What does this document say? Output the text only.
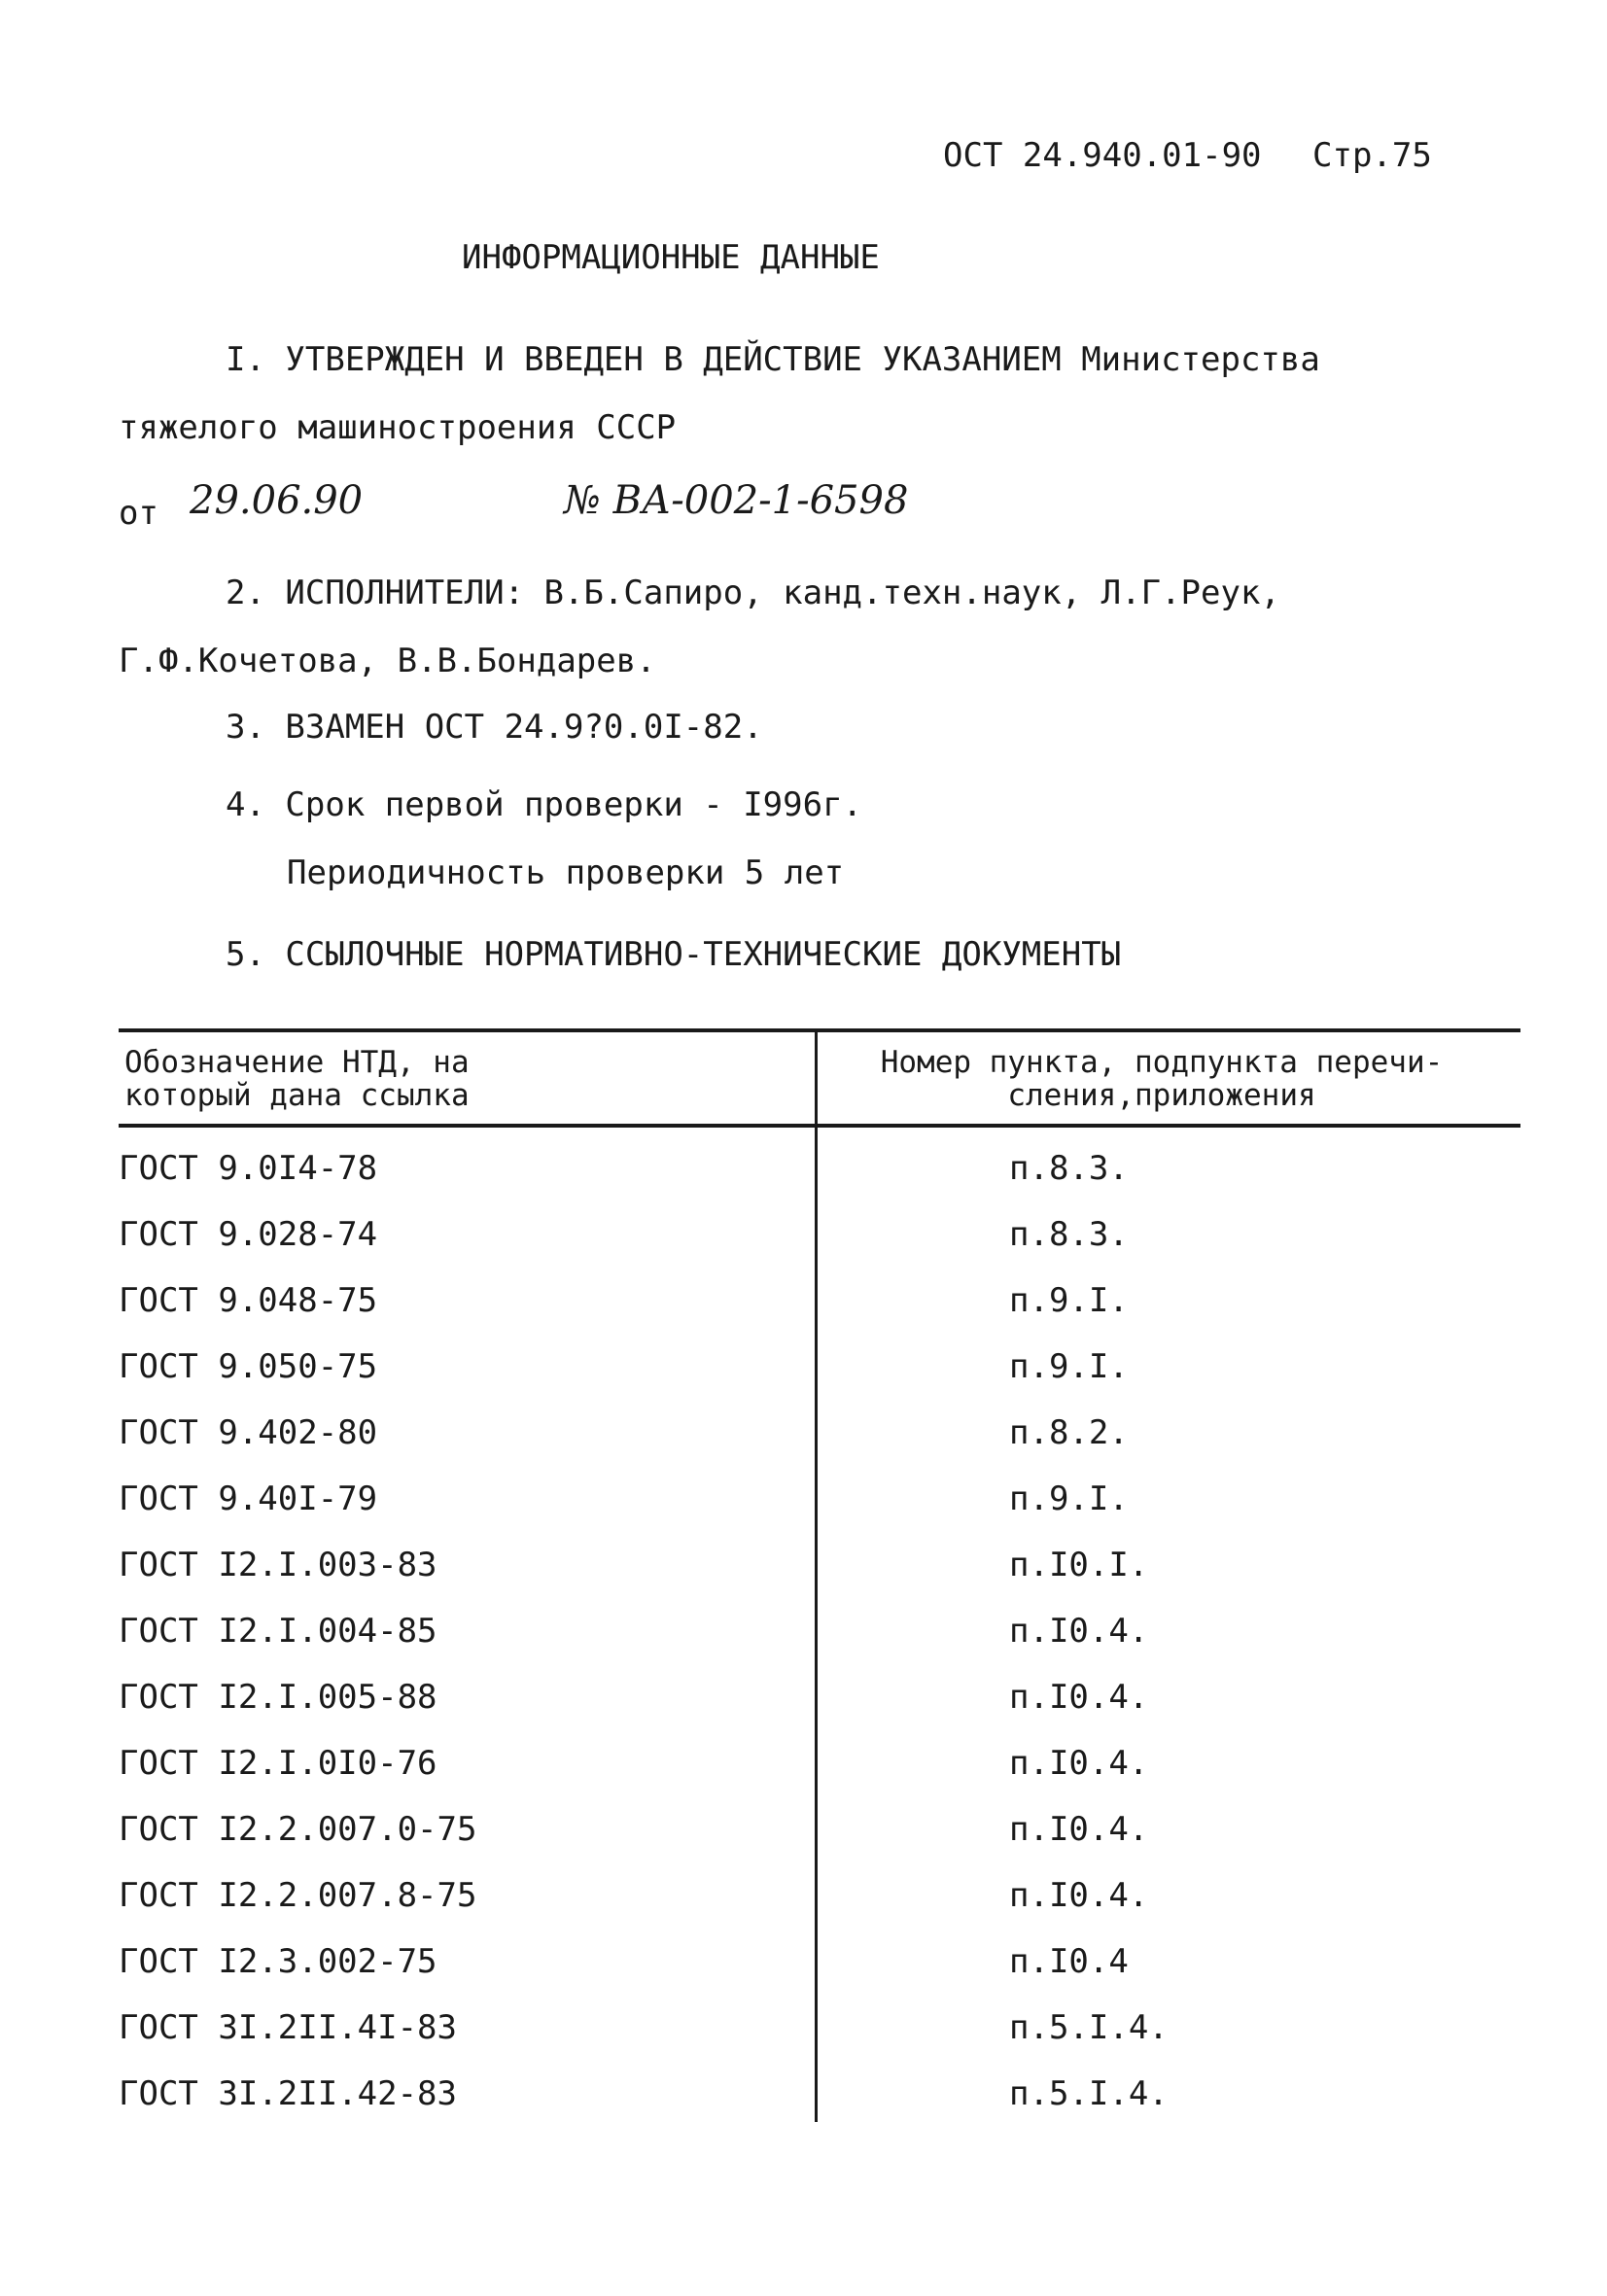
ОСТ 24.940.01-90 Стр.75
ИНФОРМАЦИОННЫЕ ДАННЫЕ
I. УТВЕРЖДЕН И ВВЕДЕН В ДЕЙСТВИЕ УКАЗАНИЕМ Министерства
тяжелого машиностроения СССР
от 29.06.90	№ ВА-002-1-6598
2. ИСПОЛНИТЕЛИ: В.Б.Сапиро, канд.техн.наук, Л.Г.Реук,
Г.Ф.Кочетова, В.В.Бондарев.
3. ВЗАМЕН ОСТ 24.9?0.0I-82.
4. Срок первой проверки - I996г.
Периодичность проверки 5 лет
5. ССЫЛОЧНЫЕ НОРМАТИВНО-ТЕХНИЧЕСКИЕ ДОКУМЕНТЫ
Обозначение НТД, на
который дана ссылка
Номер пункта, подпункта перечи-
сления,приложения
ГОСТ 9.0I4-78	п.8.3.
ГОСТ 9.028-74	п.8.3.
ГОСТ 9.048-75	п.9.I.
ГОСТ 9.050-75	п.9.I.
ГОСТ 9.402-80	п.8.2.
ГОСТ 9.40I-79	п.9.I.
ГОСТ I2.I.003-83	п.I0.I.
ГОСТ I2.I.004-85	п.I0.4.
ГОСТ I2.I.005-88	п.I0.4.
ГОСТ I2.I.0I0-76	п.I0.4.
ГОСТ I2.2.007.0-75	п.I0.4.
ГОСТ I2.2.007.8-75	п.I0.4.
ГОСТ I2.3.002-75	п.I0.4
ГОСТ 3I.2II.4I-83	п.5.I.4.
ГОСТ 3I.2II.42-83	п.5.I.4.
